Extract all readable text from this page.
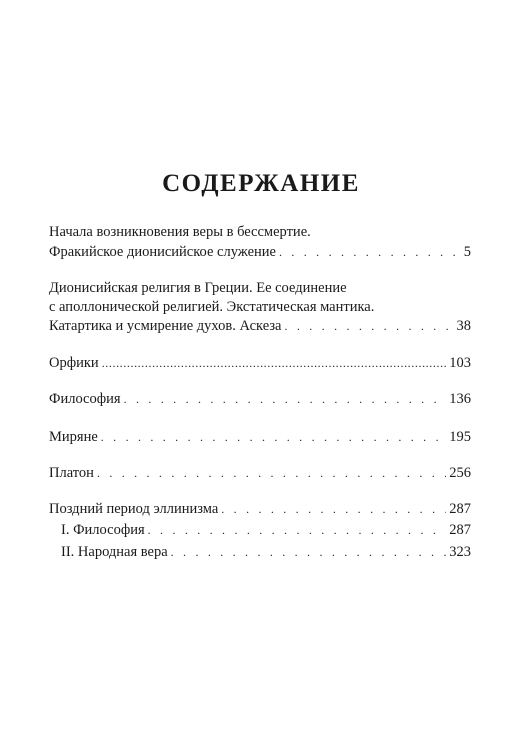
СОДЕРЖАНИЕ
Начала возникновения веры в бессмертие.
Фракийское дионисийское служение . . .	5
Дионисийская религия в Греции. Ее соединение
с аполлонической религией. Экстатическая мантика.
Катартика и усмирение духов. Аскеза . . .	38
Орфики .....	103
Философия . . .	136
Миряне . . .	195
Платон . . .	256
Поздний период эллинизма . . .	287
I. Философия . . .	287
II. Народная вера . . .	323
